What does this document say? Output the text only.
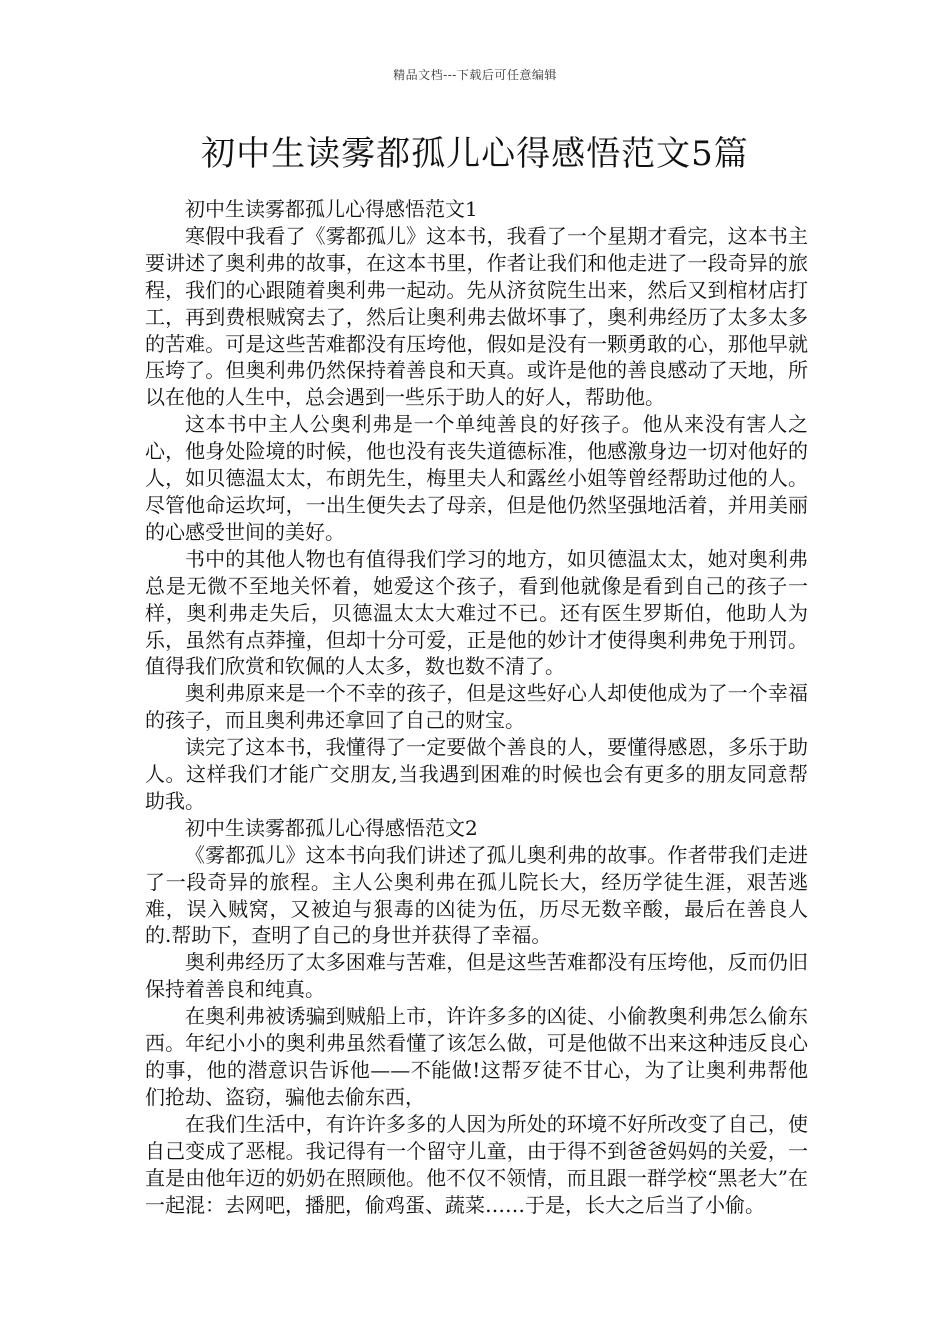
精品文档---下载后可任意编辑
初中生读雾都孤儿心得感悟范文5篇

初中生读雾都孤儿心得感悟范文1

寒假中我看了《雾都孤儿》这本书，我看了一个星期才看完，这本书主要讲述了奥利弗的故事，在这本书里，作者让我们和他走进了一段奇异的旅程，我们的心跟随着奥利弗一起动。先从济贫院生出来，然后又到棺材店打工，再到费根贼窝去了，然后让奥利弗去做坏事了，奥利弗经历了太多太多的苦难。可是这些苦难都没有压垮他，假如是没有一颗勇敢的心，那他早就压垮了。但奥利弗仍然保持着善良和天真。或许是他的善良感动了天地，所以在他的人生中，总会遇到一些乐于助人的好人，帮助他。

这本书中主人公奥利弗是一个单纯善良的好孩子。他从来没有害人之心，他身处险境的时候，他也没有丧失道德标准，他感激身边一切对他好的人，如贝德温太太，布朗先生，梅里夫人和露丝小姐等曾经帮助过他的人。尽管他命运坎坷，一出生便失去了母亲，但是他仍然坚强地活着，并用美丽的心感受世间的美好。

书中的其他人物也有值得我们学习的地方，如贝德温太太，她对奥利弗总是无微不至地关怀着，她爱这个孩子，看到他就像是看到自己的孩子一样，奥利弗走失后，贝德温太太大难过不已。还有医生罗斯伯，他助人为乐，虽然有点莽撞，但却十分可爱，正是他的妙计才使得奥利弗免于刑罚。值得我们欣赏和钦佩的人太多，数也数不清了。

奥利弗原来是一个不幸的孩子，但是这些好心人却使他成为了一个幸福的孩子，而且奥利弗还拿回了自己的财宝。

读完了这本书，我懂得了一定要做个善良的人，要懂得感恩，多乐于助人。这样我们才能广交朋友,当我遇到困难的时候也会有更多的朋友同意帮助我。

初中生读雾都孤儿心得感悟范文2

《雾都孤儿》这本书向我们讲述了孤儿奥利弗的故事。作者带我们走进了一段奇异的旅程。主人公奥利弗在孤儿院长大，经历学徒生涯，艰苦逃难，误入贼窝，又被迫与狠毒的凶徒为伍，历尽无数辛酸，最后在善良人的.帮助下，查明了自己的身世并获得了幸福。

奥利弗经历了太多困难与苦难，但是这些苦难都没有压垮他，反而仍旧保持着善良和纯真。

在奥利弗被诱骗到贼船上市，许许多多的凶徒、小偷教奥利弗怎么偷东西。年纪小小的奥利弗虽然看懂了该怎么做，可是他做不出来这种违反良心的事，他的潜意识告诉他——不能做!这帮歹徒不甘心，为了让奥利弗帮他们抢劫、盗窃，骗他去偷东西，

在我们生活中，有许许多多的人因为所处的环境不好所改变了自己，使自己变成了恶棍。我记得有一个留守儿童，由于得不到爸爸妈妈的关爱，一直是由他年迈的奶奶在照顾他。他不仅不领情，而且跟一群学校“黑老大”在一起混：去网吧，播肥，偷鸡蛋、蔬菜……于是，长大之后当了小偷。
